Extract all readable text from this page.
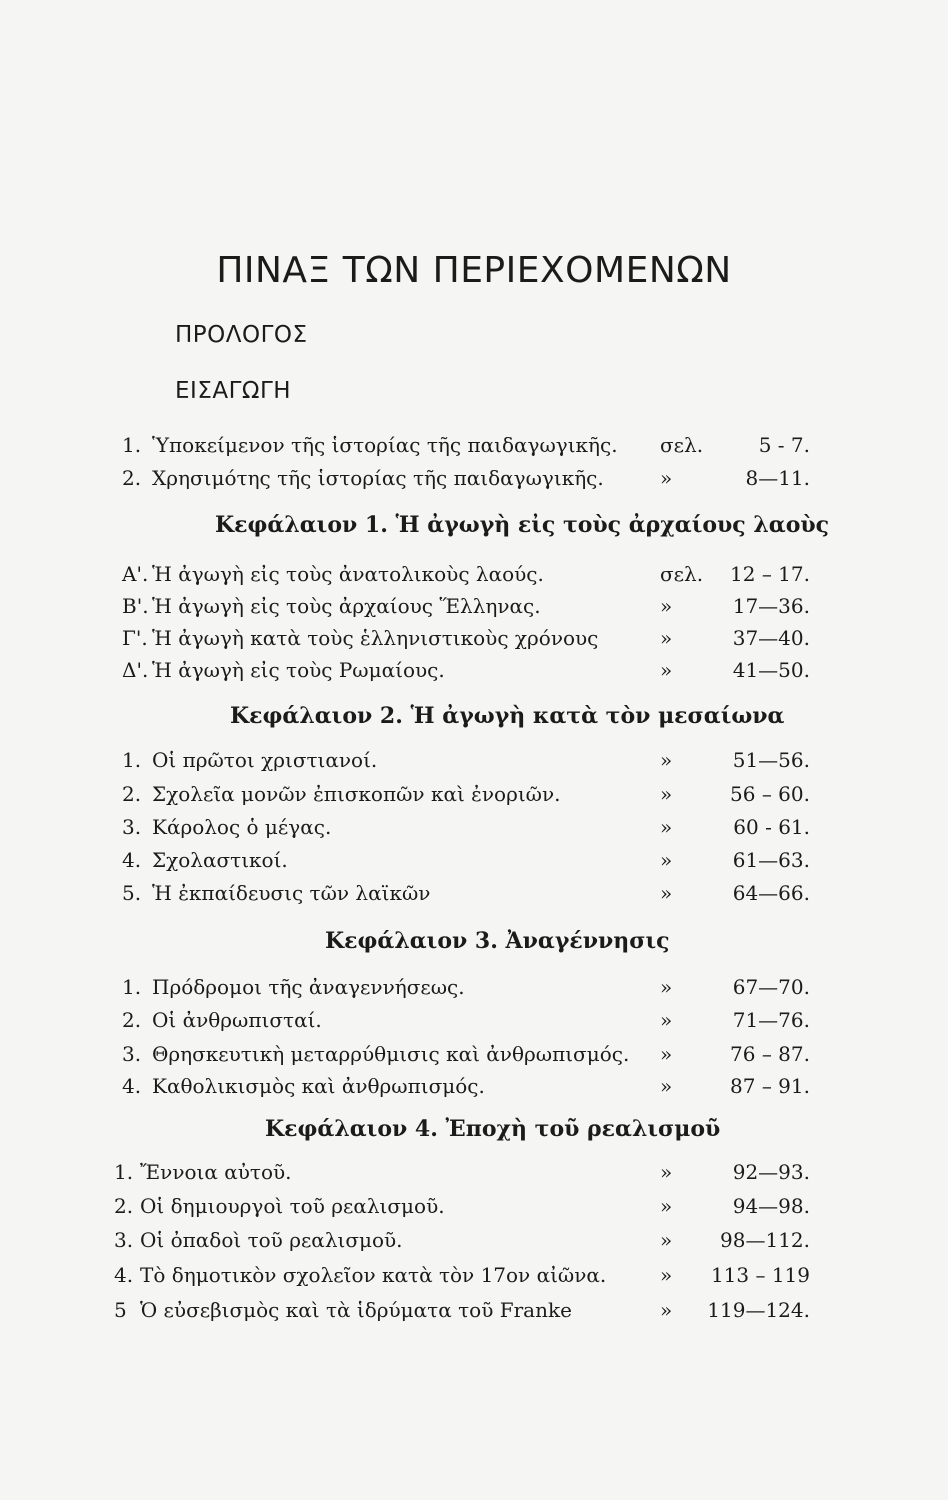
ΠΙΝΑΞ ΤΩΝ ΠΕΡΙΕΧΟΜΕΝΩΝ
ΠΡΟΛΟΓΟΣ
ΕΙΣΑΓΩΓΗ
1. Ὑποκείμενον τῆς ἱστορίας τῆς παιδαγωγικῆς. σελ.	5 - 7.
2. Χρησιμότης τῆς ἱστορίας τῆς παιδαγωγικῆς.	»	8—11.
Κεφάλαιον 1. Ἡ ἀγωγὴ εἰς τοὺς ἀρχαίους λαοὺς
Α'. Ἡ ἀγωγὴ εἰς τοὺς ἀνατολικοὺς λαούς.	σελ.	12 – 17.
Β'. Ἡ ἀγωγὴ εἰς τοὺς ἀρχαίους Ἕλληνας.	»	17—36.
Γ'. Ἡ ἀγωγὴ κατὰ τοὺς ἑλληνιστικοὺς χρόνους	»	37—40.
Δ'. Ἡ ἀγωγὴ εἰς τοὺς Ρωμαίους.	»	41—50.
Κεφάλαιον 2. Ἡ ἀγωγὴ κατὰ τὸν μεσαίωνα
1. Οἱ πρῶτοι χριστιανοί.	»	51—56.
2. Σχολεῖα μονῶν ἐπισκοπῶν καὶ ἐνοριῶν.	»	56 – 60.
3. Κάρολος ὁ μέγας.	»	60 - 61.
4. Σχολαστικοί.	»	61—63.
5. Ἡ ἐκπαίδευσις τῶν λαϊκῶν	»	64—66.
Κεφάλαιον 3. Ἀναγέννησις
1. Πρόδρομοι τῆς ἀναγεννήσεως.	»	67—70.
2. Οἱ ἀνθρωπισταί.	»	71—76.
3. Θρησκευτικὴ μεταρρύθμισις καὶ ἀνθρωπισμός. »	76 – 87.
4. Καθολικισμὸς καὶ ἀνθρωπισμός.	»	87 – 91.
Κεφάλαιον 4. Ἐποχὴ τοῦ ρεαλισμοῦ
1. Ἔννοια αὐτοῦ.	»	92—93.
2. Οἱ δημιουργοὶ τοῦ ρεαλισμοῦ.	»	94—98.
3. Οἱ ὀπαδοὶ τοῦ ρεαλισμοῦ.	»	98—112.
4. Τὸ δημοτικὸν σχολεῖον κατὰ τὸν 17ον αἰῶνα.	»	113 – 119
5 Ὁ εὐσεβισμὸς καὶ τὰ ἱδρύματα τοῦ Franke	»	119—124.
